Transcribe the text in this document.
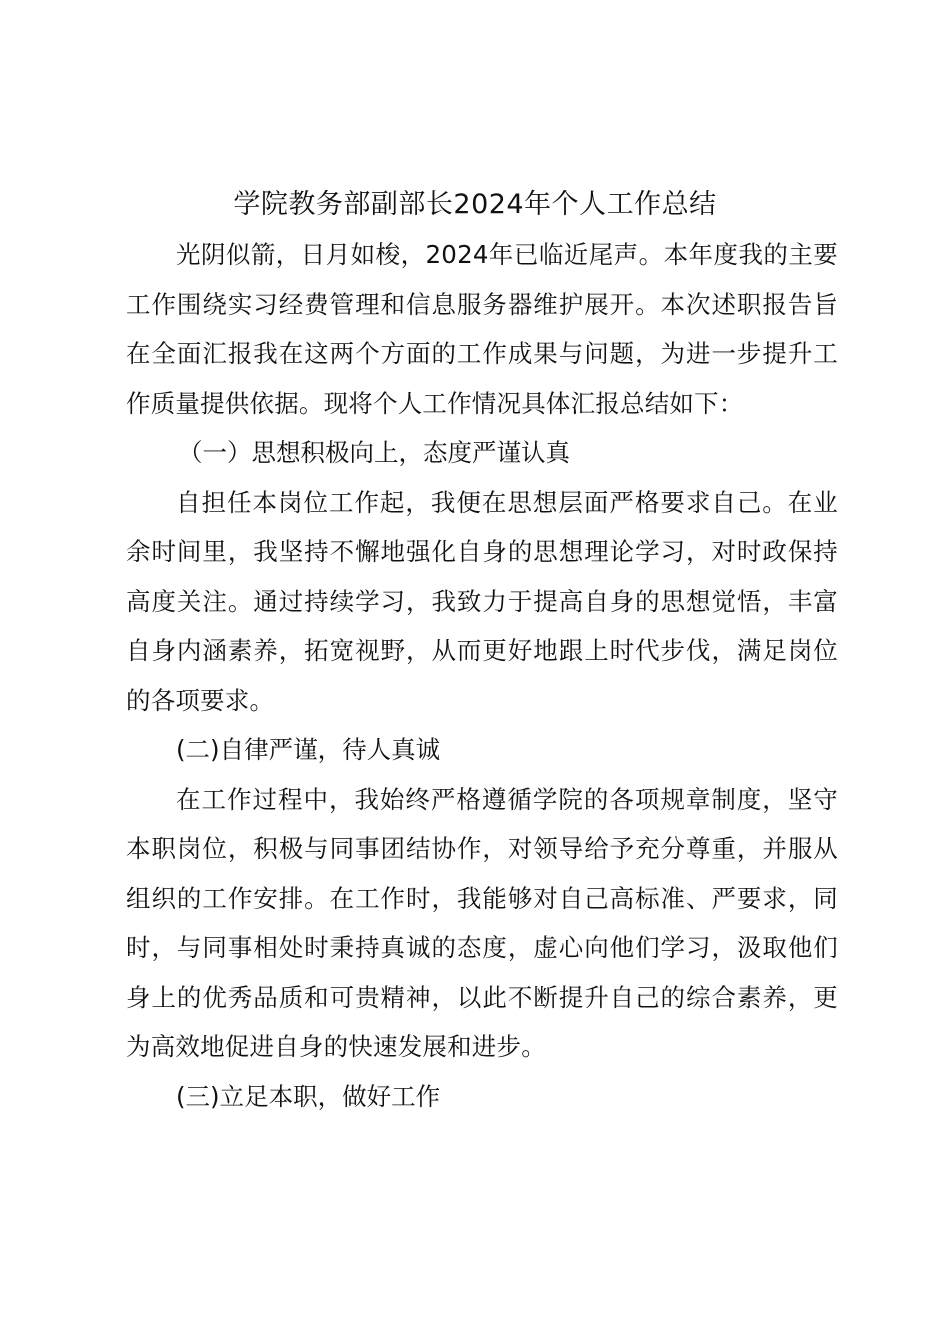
学院教务部副部长2024年个人工作总结

光阴似箭，日月如梭，2024年已临近尾声。本年度我的主要工作围绕实习经费管理和信息服务器维护展开。本次述职报告旨在全面汇报我在这两个方面的工作成果与问题，为进一步提升工作质量提供依据。现将个人工作情况具体汇报总结如下：

（一）思想积极向上，态度严谨认真

自担任本岗位工作起，我便在思想层面严格要求自己。在业余时间里，我坚持不懈地强化自身的思想理论学习，对时政保持高度关注。通过持续学习，我致力于提高自身的思想觉悟，丰富自身内涵素养，拓宽视野，从而更好地跟上时代步伐，满足岗位的各项要求。

(二)自律严谨，待人真诚

在工作过程中，我始终严格遵循学院的各项规章制度，坚守本职岗位，积极与同事团结协作，对领导给予充分尊重，并服从组织的工作安排。在工作时，我能够对自己高标准、严要求，同时，与同事相处时秉持真诚的态度，虚心向他们学习，汲取他们身上的优秀品质和可贵精神，以此不断提升自己的综合素养，更为高效地促进自身的快速发展和进步。

(三)立足本职，做好工作
